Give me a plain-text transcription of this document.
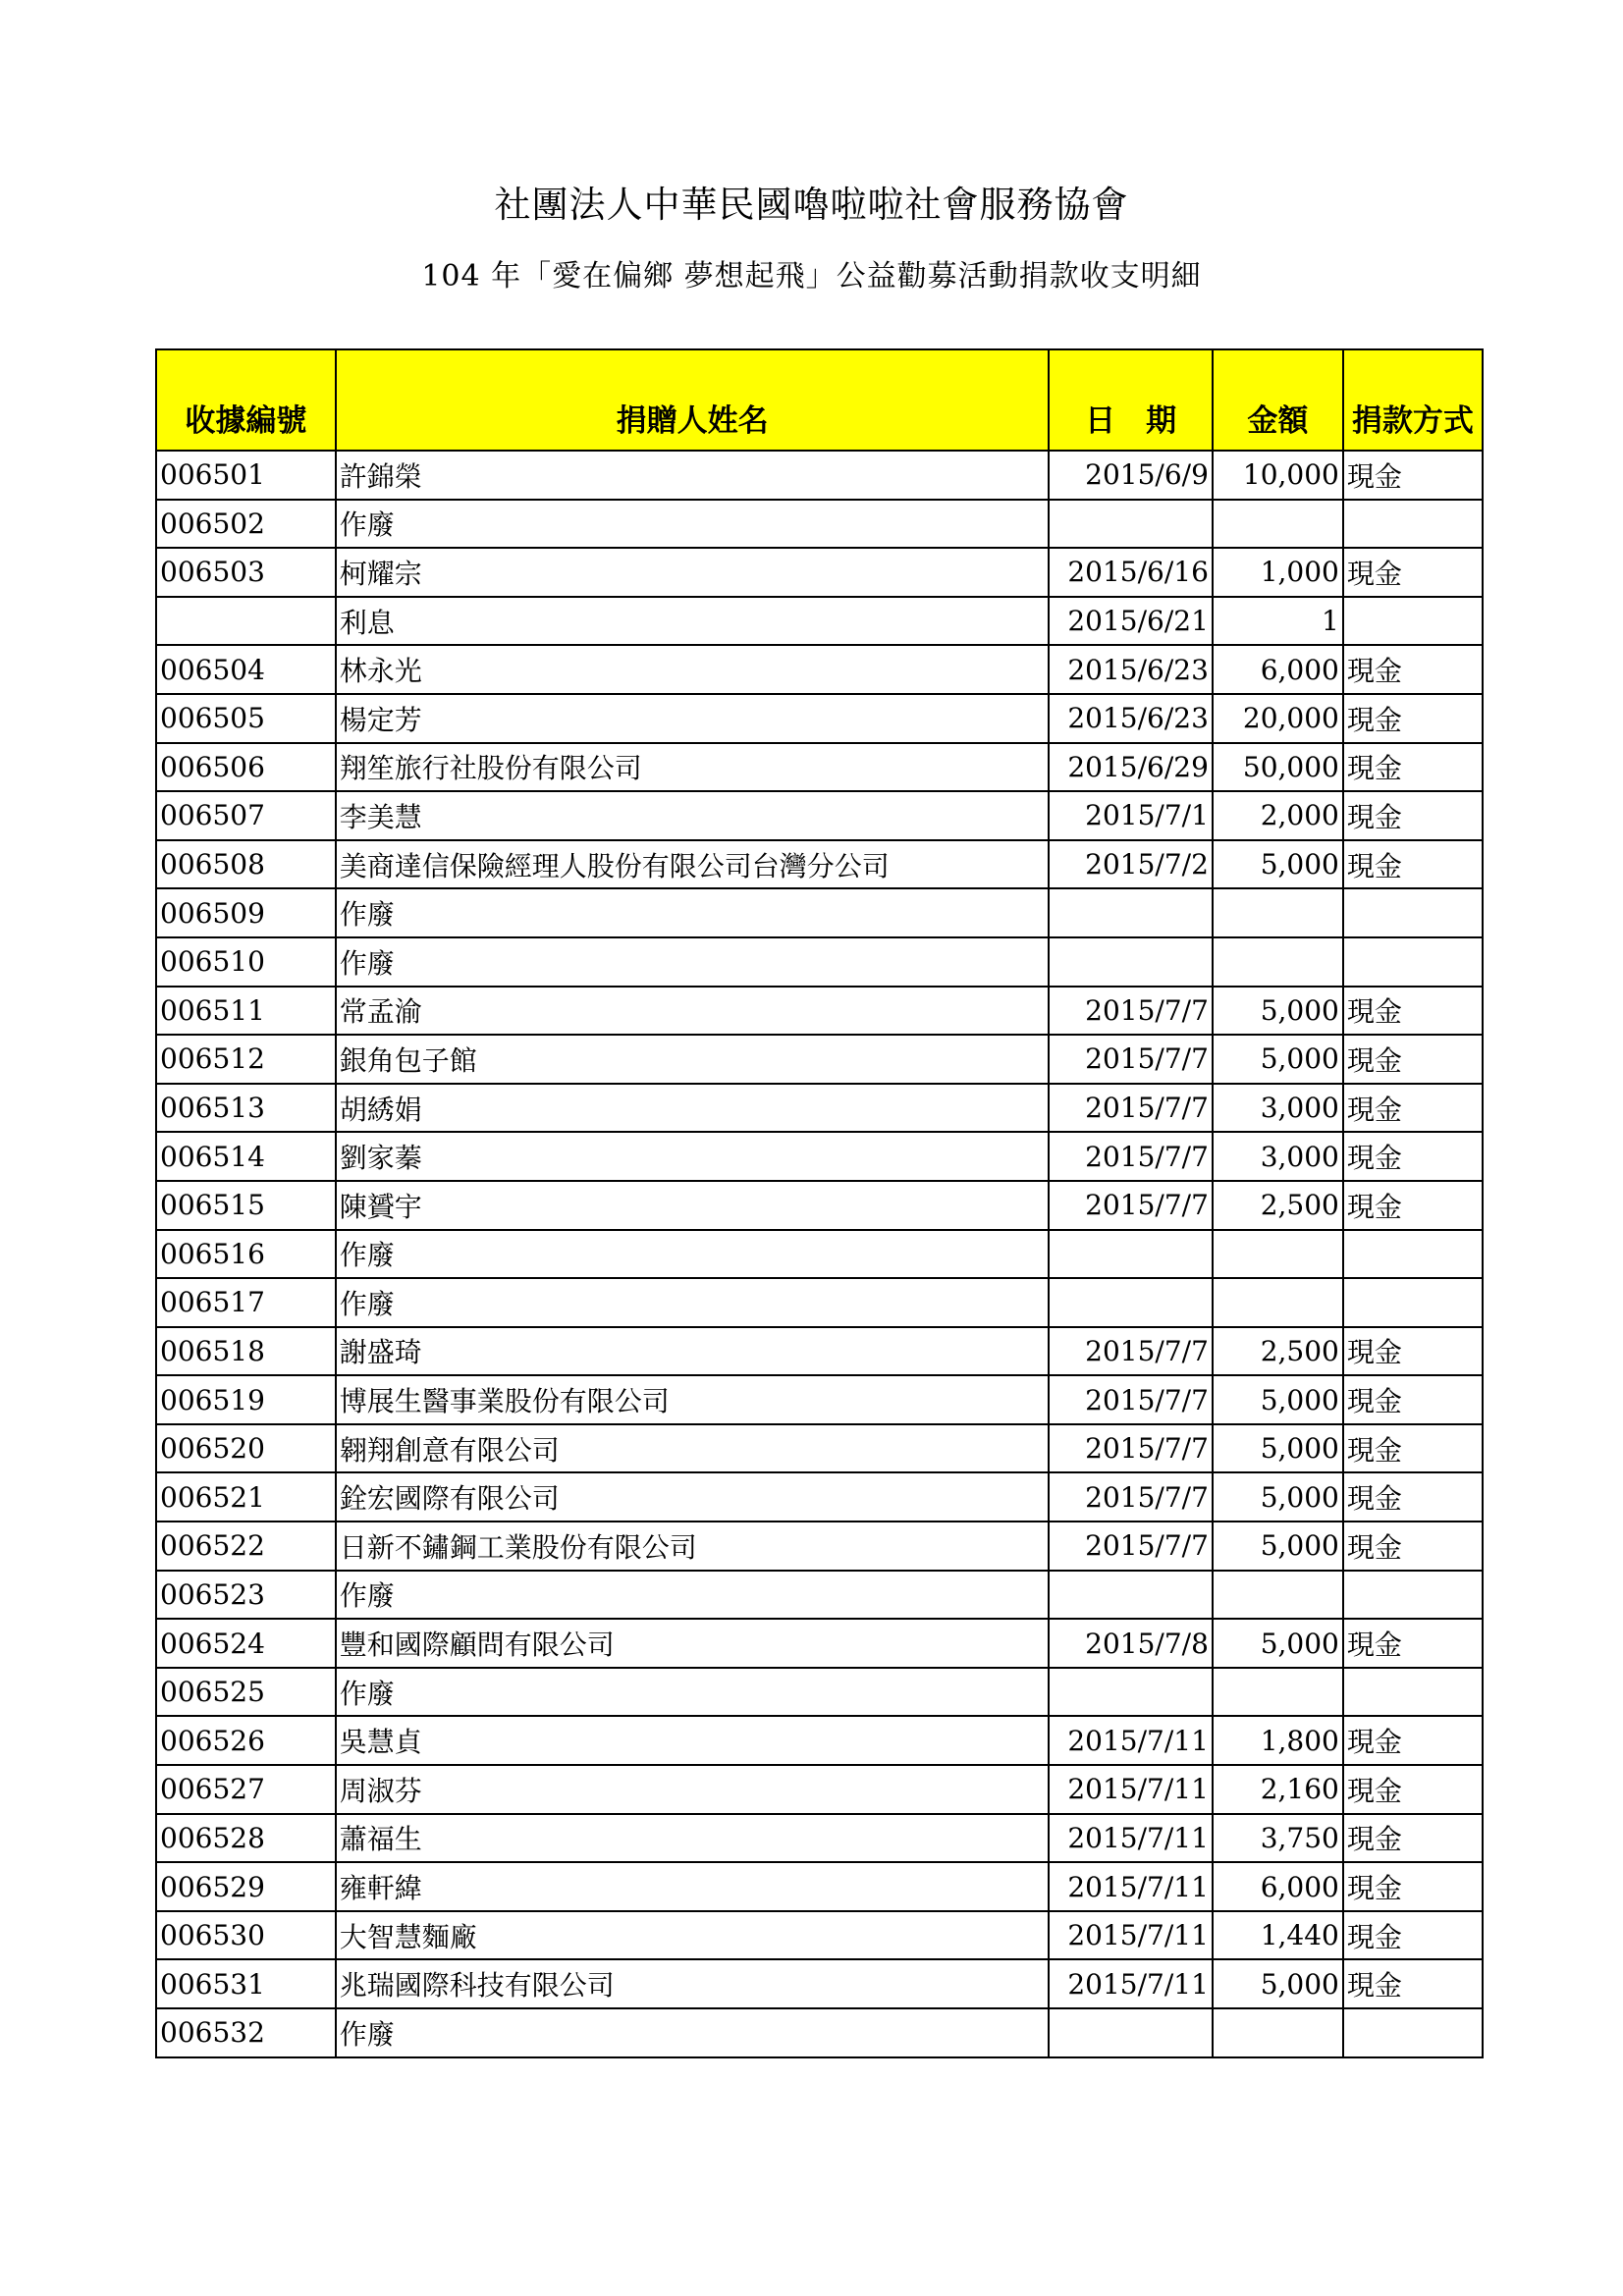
社團法人中華民國嚕啦啦社會服務協會
104 年「愛在偏鄉 夢想起飛」公益勸募活動捐款收支明細
收據編號	捐贈人姓名	日　期	金額	捐款方式
006501	許錦榮	2015/6/9	10,000	現金
006502	作廢			
006503	柯耀宗	2015/6/16	1,000	現金
	利息	2015/6/21	1	
006504	林永光	2015/6/23	6,000	現金
006505	楊定芳	2015/6/23	20,000	現金
006506	翔笙旅行社股份有限公司	2015/6/29	50,000	現金
006507	李美慧	2015/7/1	2,000	現金
006508	美商達信保險經理人股份有限公司台灣分公司	2015/7/2	5,000	現金
006509	作廢			
006510	作廢			
006511	常孟渝	2015/7/7	5,000	現金
006512	銀角包子館	2015/7/7	5,000	現金
006513	胡綉娟	2015/7/7	3,000	現金
006514	劉家蓁	2015/7/7	3,000	現金
006515	陳贇宇	2015/7/7	2,500	現金
006516	作廢			
006517	作廢			
006518	謝盛琦	2015/7/7	2,500	現金
006519	博展生醫事業股份有限公司	2015/7/7	5,000	現金
006520	翱翔創意有限公司	2015/7/7	5,000	現金
006521	銓宏國際有限公司	2015/7/7	5,000	現金
006522	日新不鏽鋼工業股份有限公司	2015/7/7	5,000	現金
006523	作廢			
006524	豐和國際顧問有限公司	2015/7/8	5,000	現金
006525	作廢			
006526	吳慧貞	2015/7/11	1,800	現金
006527	周淑芬	2015/7/11	2,160	現金
006528	蕭福生	2015/7/11	3,750	現金
006529	雍軒緯	2015/7/11	6,000	現金
006530	大智慧麵廠	2015/7/11	1,440	現金
006531	兆瑞國際科技有限公司	2015/7/11	5,000	現金
006532	作廢			
